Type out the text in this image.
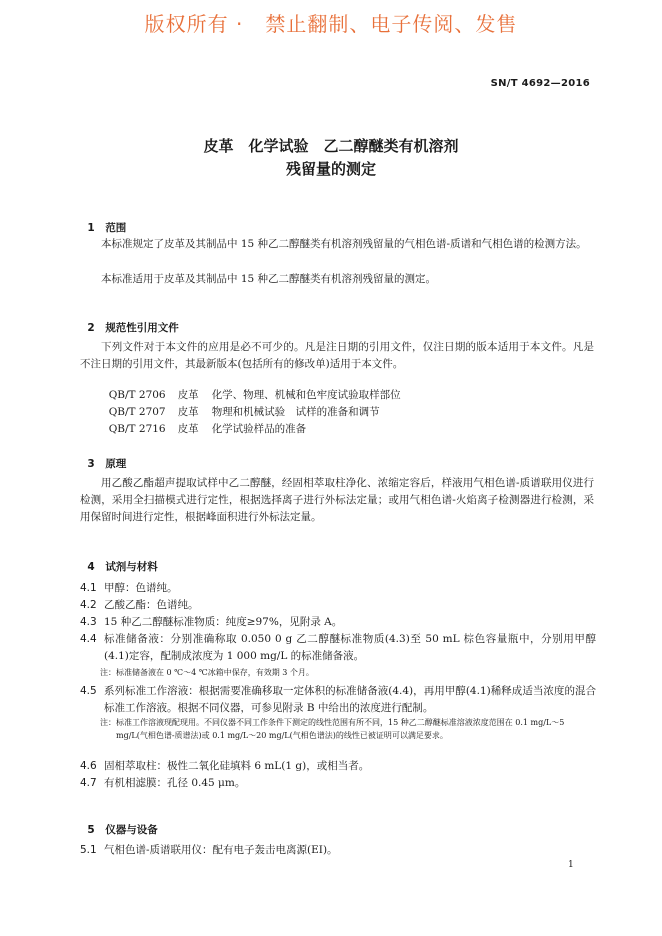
版权所有 ·   禁止翻制、电子传阅、发售
SN/T 4692—2016
皮革　化学试验　乙二醇醚类有机溶剂
残留量的测定

1 范围

本标准规定了皮革及其制品中 15 种乙二醇醚类有机溶剂残留量的气相色谱-质谱和气相色谱的检测方法。
本标准适用于皮革及其制品中 15 种乙二醇醚类有机溶剂残留量的测定。

2 规范性引用文件

下列文件对于本文件的应用是必不可少的。凡是注日期的引用文件，仅注日期的版本适用于本文件。凡是不注日期的引用文件，其最新版本(包括所有的修改单)适用于本文件。

QB/T 2706 皮革 化学、物理、机械和色牢度试验取样部位

QB/T 2707 皮革 物理和机械试验　试样的准备和调节

QB/T 2716 皮革 化学试验样品的准备

3 原理

用乙酸乙酯超声提取试样中乙二醇醚，经固相萃取柱净化、浓缩定容后，样液用气相色谱-质谱联用仪进行检测，采用全扫描模式进行定性，根据选择离子进行外标法定量；或用气相色谱-火焰离子检测器进行检测，采用保留时间进行定性，根据峰面积进行外标法定量。

4 试剂与材料

4.1 甲醇：色谱纯。
4.2 乙酸乙酯：色谱纯。
4.3 15 种乙二醇醚标准物质：纯度≥97%，见附录 A。
4.4 标准储备液：分别准确称取 0.050 0 g 乙二醇醚标准物质(4.3)至 50 mL 棕色容量瓶中，分别用甲醇(4.1)定容，配制成浓度为 1 000 mg/L 的标准储备液。
注： 标准储备液在 0 ℃～4 ℃冰箱中保存，有效期 3 个月。
4.5 系列标准工作溶液：根据需要准确移取一定体积的标准储备液(4.4)，再用甲醇(4.1)稀释成适当浓度的混合标准工作溶液。根据不同仪器，可参见附录 B 中给出的浓度进行配制。
注： 标准工作溶液现配现用。不同仪器不同工作条件下测定的线性范围有所不同，15 种乙二醇醚标准溶液浓度范围在 0.1 mg/L～5 mg/L(气相色谱-质谱法)或 0.1 mg/L～20 mg/L(气相色谱法)的线性已被证明可以满足要求。
4.6 固相萃取柱：极性二氧化硅填料 6 mL(1 g)，或相当者。
4.7 有机相滤膜：孔径 0.45 μm。

5 仪器与设备

5.1 气相色谱-质谱联用仪：配有电子轰击电离源(EI)。
1
